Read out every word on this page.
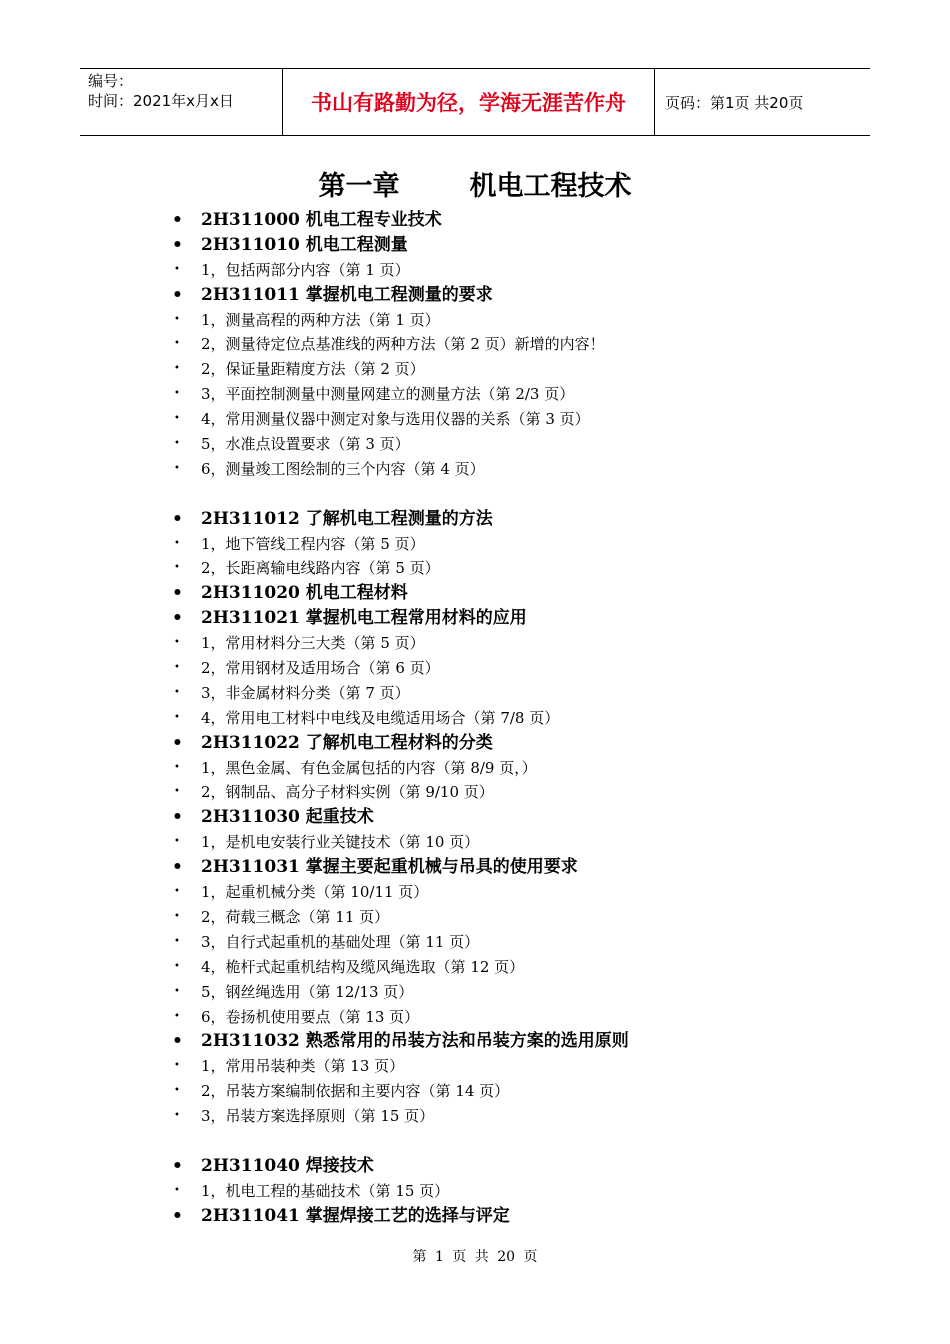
编号：
时间：2021年x月x日	书山有路勤为径，学海无涯苦作舟	页码：第1页 共20页
第一章	机电工程技术
• 2H311000 机电工程专业技术
• 2H311010 机电工程测量
• 1，包括两部分内容（第 1 页）
• 2H311011 掌握机电工程测量的要求
• 1，测量高程的两种方法（第 1 页）
• 2，测量待定位点基准线的两种方法（第 2 页）新增的内容！
• 2，保证量距精度方法（第 2 页）
• 3，平面控制测量中测量网建立的测量方法（第 2/3 页）
• 4，常用测量仪器中测定对象与选用仪器的关系（第 3 页）
• 5，水准点设置要求（第 3 页）
• 6，测量竣工图绘制的三个内容（第 4 页）
• 2H311012 了解机电工程测量的方法
• 1，地下管线工程内容（第 5 页）
• 2，长距离输电线路内容（第 5 页）
• 2H311020 机电工程材料
• 2H311021 掌握机电工程常用材料的应用
• 1，常用材料分三大类（第 5 页）
• 2，常用钢材及适用场合（第 6 页）
• 3，非金属材料分类（第 7 页）
• 4，常用电工材料中电线及电缆适用场合（第 7/8 页）
• 2H311022 了解机电工程材料的分类
• 1，黑色金属、有色金属包括的内容（第 8/9 页，）
• 2，钢制品、高分子材料实例（第 9/10 页）
• 2H311030 起重技术
• 1，是机电安装行业关键技术（第 10 页）
• 2H311031 掌握主要起重机械与吊具的使用要求
• 1，起重机械分类（第 10/11 页）
• 2，荷载三概念（第 11 页）
• 3，自行式起重机的基础处理（第 11 页）
• 4，桅杆式起重机结构及缆风绳选取（第 12 页）
• 5，钢丝绳选用（第 12/13 页）
• 6，卷扬机使用要点（第 13 页）
• 2H311032 熟悉常用的吊装方法和吊装方案的选用原则
• 1，常用吊装种类（第 13 页）
• 2，吊装方案编制依据和主要内容（第 14 页）
• 3，吊装方案选择原则（第 15 页）
• 2H311040 焊接技术
• 1，机电工程的基础技术（第 15 页）
• 2H311041 掌握焊接工艺的选择与评定
第 1 页 共 20 页
